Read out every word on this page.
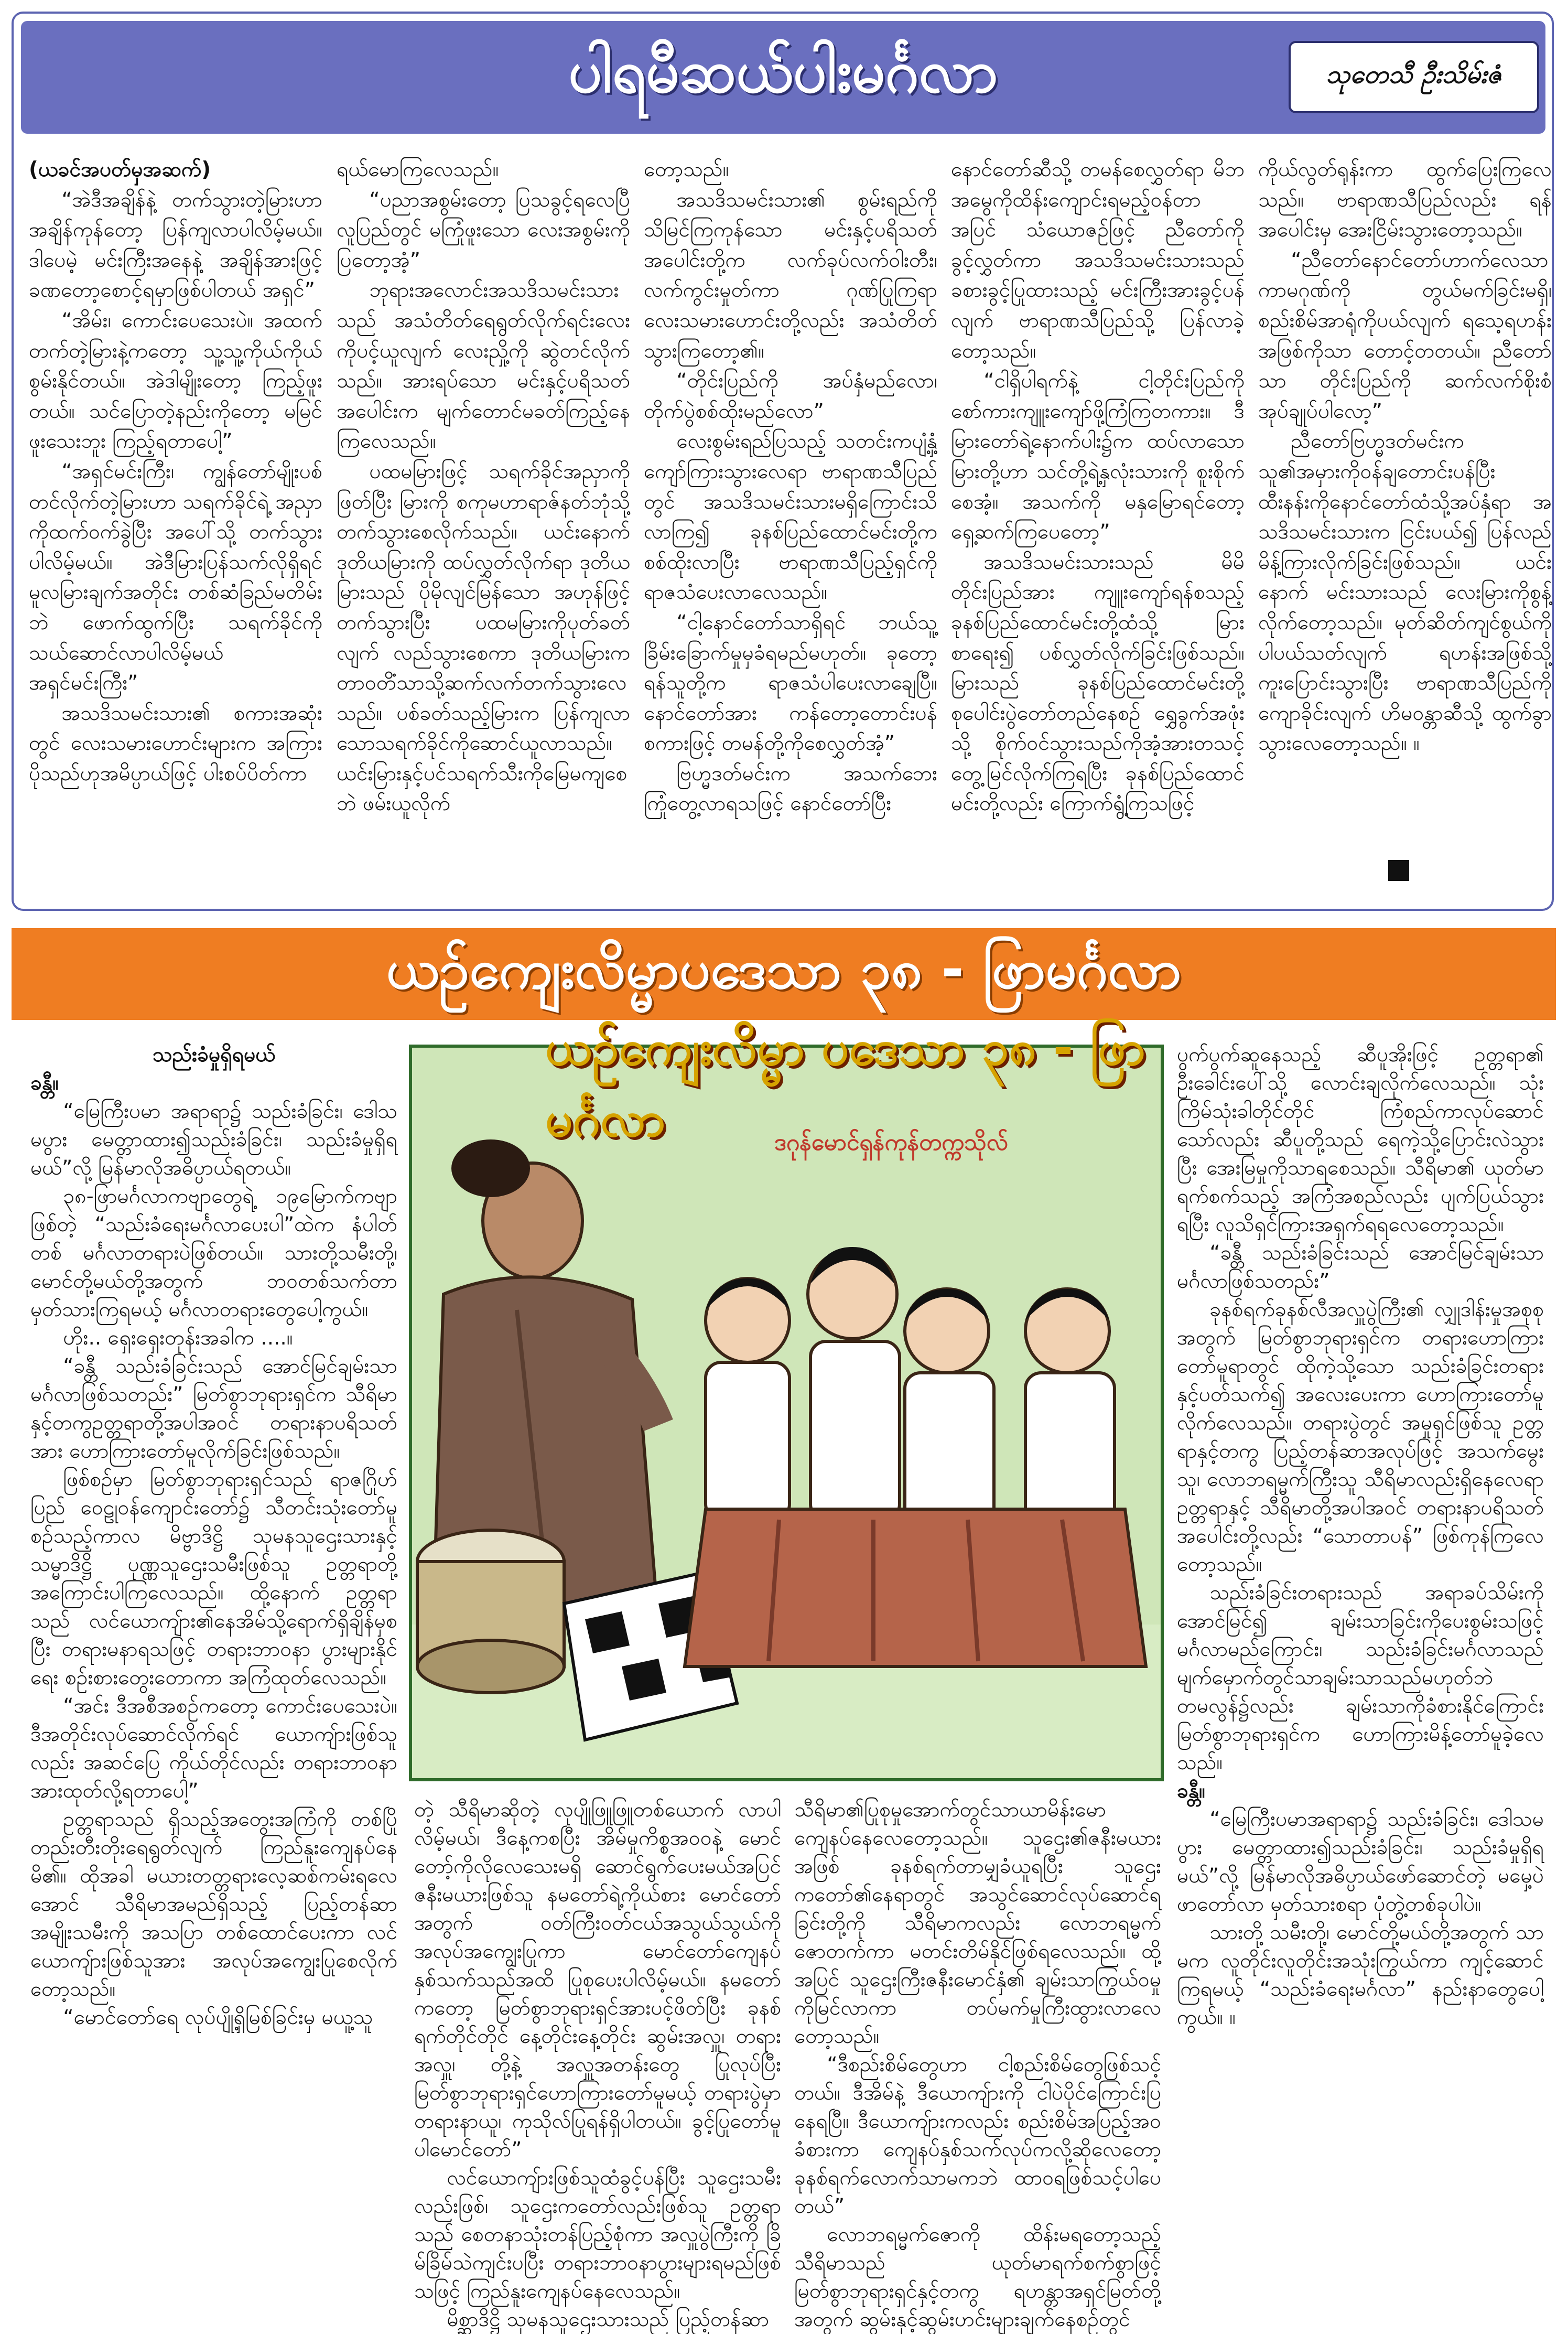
ပါရမီဆယ်ပါးမင်္ဂလာ	သုတေသီ ဦးသိမ်းဇံ

(ယခင်အပတ်မှအဆက်)

“အဲဒီအချိန်နဲ့ တက်သွားတဲ့မြားဟာ အချိန်ကုန်တော့ ပြန်ကျလာပါလိမ့်မယ်။ ဒါပေမဲ့ မင်းကြီးအနေနဲ့ အချိန်အားဖြင့် ခဏတော့စောင့်ရမှာဖြစ်ပါတယ် အရှင်”

“အိမ်း၊ ကောင်းပေသေးပဲ။ အထက်တက်တဲ့မြားနဲ့ကတော့ သူ့သူ့ကိုယ်ကိုယ် စွမ်းနိုင်တယ်။ အဲဒါမျိုးတော့ ကြည့်ဖူးတယ်။ သင်ပြောတဲ့နည်းကိုတော့ မမြင်ဖူးသေးဘူး ကြည့်ရတာပေါ့”

“အရှင်မင်းကြီး၊ ကျွန်တော်မျိုးပစ်တင်လိုက်တဲ့မြားဟာ သရက်ခိုင်ရဲ့ အညှာကိုထက်ဝက်ခွဲပြီး အပေါ်သို့ တက်သွားပါလိမ့်မယ်။ အဲဒီမြားပြန်သက်လိုရှိရင် မူလမြားချက်အတိုင်း တစ်ဆံခြည်မတိမ်းဘဲ ဖောက်ထွက်ပြီး သရက်ခိုင်ကို သယ်ဆောင်လာပါလိမ့်မယ် အရှင်မင်းကြီး”

အသဒိသမင်းသား၏ စကားအဆုံးတွင် လေးသမားဟောင်းများက အကြားပိုသည်ဟုအမိပ္ပာယ်ဖြင့် ပါးစပ်ပိတ်ကာ

ရယ်မောကြလေသည်။

“ပညာအစွမ်းတော့ ပြသခွင့်ရလေပြီ လူပြည်တွင် မကြုံဖူးသော လေးအစွမ်းကိုပြတော့အံ့”

ဘုရားအလောင်းအသဒိသမင်းသားသည် အသံတိတ်ရေရွတ်လိုက်ရင်းလေးကိုပင့်ယူလျက် လေးညှို့ကို ဆွဲတင်လိုက်သည်။ အားရပ်သော မင်းနှင့်ပရိသတ်အပေါင်းက မျက်တောင်မခတ်ကြည့်နေကြလေသည်။

ပထမမြားဖြင့် သရက်ခိုင်အညှာကိုဖြတ်ပြီး မြားကို စကုမဟာရာဇ်နတ်ဘုံသို့ တက်သွားစေလိုက်သည်။ ယင်းနောက်ဒုတိယမြားကို ထပ်လွှတ်လိုက်ရာ ဒုတိယမြားသည် ပိုမိုလျင်မြန်သော အဟုန်ဖြင့်တက်သွားပြီး ပထမမြားကိုပုတ်ခတ်လျက် လည်သွားစေကာ ဒုတိယမြားက တာဝတိံသာသို့ဆက်လက်တက်သွားလေသည်။ ပစ်ခတ်သည့်မြားက ပြန်ကျလာသောသရက်ခိုင်ကိုဆောင်ယူလာသည်။ ယင်းမြားနှင့်ပင်သရက်သီးကိုမြေမကျစေဘဲ ဖမ်းယူလိုက်

တော့သည်။

အသဒိသမင်းသား၏ စွမ်းရည်ကိုသိမြင်ကြကုန်သော မင်းနှင့်ပရိသတ်အပေါင်းတို့က လက်ခုပ်လက်ဝါးတီး၊ လက်ကွင်းမှုတ်ကာ ဂုဏ်ပြုကြရာ လေးသမားဟောင်းတို့လည်း အသံတိတ်သွားကြတော့၏။

“တိုင်းပြည်ကို အပ်နှံမည်လော၊ တိုက်ပွဲစစ်ထိုးမည်လော”

လေးစွမ်းရည်ပြသည့် သတင်းကပျံ့နှံ့ကျော်ကြားသွားလေရာ ဗာရာဏသီပြည်တွင် အသဒိသမင်းသားမရှိကြောင်းသိလာကြ၍ ခုနစ်ပြည်ထောင်မင်းတို့က စစ်ထိုးလာပြီး ဗာရာဏသီပြည့်ရှင်ကို ရာဇသံပေးလာလေသည်။

“ငါ့နောင်တော်သာရှိရင် ဘယ်သူ့ခြိမ်းခြောက်မှုမှခံရမည်မဟုတ်။ ခုတော့ ရန်သူတို့က ရာဇသံပါပေးလာချေပြီ။ နောင်တော်အား ကန်တော့တောင်းပန်စကားဖြင့် တမန်တို့ကိုစေလွှတ်အံ့”

ဗြဟ္မဒတ်မင်းက အသက်ဘေးကြုံတွေ့လာရသဖြင့် နောင်တော်ပြီး

နောင်တော်ဆီသို့ တမန်စေလွှတ်ရာ မိဘအမွေကိုထိန်းကျောင်းရမည့်ဝန်တာအပြင် သံယောဇဉ်ဖြင့် ညီတော်ကိုခွင့်လွှတ်ကာ အသဒိသမင်းသားသည် ခစားခွင့်ပြုထားသည့် မင်းကြီးအားခွင့်ပန်လျက် ဗာရာဏသီပြည်သို့ ပြန်လာခဲ့တော့သည်။

“ငါရှိပါရက်နဲ့ ငါ့တိုင်းပြည်ကို စော်ကားကျူးကျော်ဖို့ကြံကြတကား။ ဒီမြားတော်ရဲ့နောက်ပါး၌က ထပ်လာသောမြားတို့ဟာ သင်တို့ရဲ့နှလုံးသားကို စူးစိုက်စေအံ့။ အသက်ကို မနှမြောရင်တော့ ရှေ့ဆက်ကြပေတော့”

အသဒိသမင်းသားသည် မိမိတိုင်းပြည်အား ကျူးကျော်ရန်စသည့် ခုနစ်ပြည်ထောင်မင်းတို့ထံသို့ မြားစာရေး၍ ပစ်လွှတ်လိုက်ခြင်းဖြစ်သည်။ မြားသည် ခုနစ်ပြည်ထောင်မင်းတို့ စုပေါင်းပွဲတော်တည်နေစဉ် ရွှေခွက်အဖုံးသို့ စိုက်ဝင်သွားသည်ကိုအံ့အားတသင့်တွေ့မြင်လိုက်ကြရပြီး ခုနစ်ပြည်ထောင်မင်းတို့လည်း ကြောက်ရွံ့ကြသဖြင့်

ကိုယ်လွတ်ရုန်းကာ ထွက်ပြေးကြလေသည်။ ဗာရာဏသီပြည်လည်း ရန်အပေါင်းမှ အေးငြိမ်းသွားတော့သည်။

“ညီတော်နောင်တော်ဟာက်လေသာကာမဂုဏ်ကို တွယ်မက်ခြင်းမရှိ၊ စည်းစိမ်အာရုံကိုပယ်လျက် ရသေ့ရဟန်းအဖြစ်ကိုသာ တောင့်တတယ်။ ညီတော်သာ တိုင်းပြည်ကို ဆက်လက်စိုးစံအုပ်ချုပ်ပါလော့”

ညီတော်ဗြဟ္မဒတ်မင်းက သူ၏အမှားကိုဝန်ချတောင်းပန်ပြီး ထီးနန်းကိုနောင်တော်ထံသို့အပ်နှံရာ အသဒိသမင်းသားက ငြင်းပယ်၍ ပြန်လည်မိန့်ကြားလိုက်ခြင်းဖြစ်သည်။ ယင်းနောက် မင်းသားသည် လေးမြားကိုစွန့်လိုက်တော့သည်။ မုတ်ဆိတ်ကျင်စွယ်ကိုပါပယ်သတ်လျက် ရဟန်းအဖြစ်သို့ကူးပြောင်းသွားပြီး ဗာရာဏသီပြည်ကိုကျောခိုင်းလျက် ဟိမဝန္တာဆီသို့ ထွက်ခွာသွားလေတော့သည်။ ။

ယဉ်ကျေးလိမ္မာပဒေသာ ၃၈ - ဖြာမင်္ဂလာ
ယဉ်ကျေးလိမ္မာ ပဒေသာ ၃၈ - ဖြာ မင်္ဂလာ	ဒဂုန်မောင်ရှန်ကုန်တက္ကသိုလ်

သည်းခံမှုရှိရမယ်

ခန္တီ။

“မြေကြီးပမာ အရာရာ၌ သည်းခံခြင်း၊ ဒေါသမပွား မေတ္တာထား၍သည်းခံခြင်း၊ သည်းခံမှုရှိရမယ်”လို့ မြန်မာလိုအဓိပ္ပာယ်ရတယ်။

၃၈-ဖြာမင်္ဂလာကဗျာတွေရဲ့ ၁၉မြောက်ကဗျာဖြစ်တဲ့ “သည်းခံရေးမင်္ဂလာပေးပါ”ထဲက နံပါတ်တစ် မင်္ဂလာတရားပဲဖြစ်တယ်။ သားတို့သမီးတို့၊ မောင်တို့မယ်တို့အတွက် ဘဝတစ်သက်တာ မှတ်သားကြရမယ့် မင်္ဂလာတရားတွေပေါ့ကွယ်။

ဟိုး.. ရှေးရှေးတုန်းအခါက ....။

“ခန္တီ သည်းခံခြင်းသည် အောင်မြင်ချမ်းသာမင်္ဂလာဖြစ်သတည်း” မြတ်စွာဘုရားရှင်က သီရိမာနှင့်တကွဥတ္တရာတို့အပါအဝင် တရားနာပရိသတ်အား ဟောကြားတော်မူလိုက်ခြင်းဖြစ်သည်။

ဖြစ်စဉ်မှာ မြတ်စွာဘုရားရှင်သည် ရာဇဂြိုဟ်ပြည် ဝေဠုဝန်ကျောင်းတော်၌ သီတင်းသုံးတော်မူစဉ်သည့်ကာလ မိဗ္ဗာဒိဋ္ဌိ သုမနသူဌေးသားနှင့် သမ္မာဒိဋ္ဌိ ပုဏ္ဏသူဌေးသမီးဖြစ်သူ ဥတ္တရာတို့ အကြောင်းပါကြလေသည်။ ထို့နောက် ဥတ္တရာသည် လင်ယောကျ်ား၏နေအိမ်သို့ရောက်ရှိချိန်မှစပြီး တရားမနာရသဖြင့် တရားဘာဝနာ ပွားများနိုင်ရေး စဉ်းစားတွေးတောကာ အကြံထုတ်လေသည်။

“အင်း ဒီအစီအစဉ်ကတော့ ကောင်းပေသေးပဲ။ ဒီအတိုင်းလုပ်ဆောင်လိုက်ရင် ယောကျ်ားဖြစ်သူလည်း အဆင်ပြေ ကိုယ်တိုင်လည်း တရားဘာဝနာ အားထုတ်လို့ရတာပေါ့”

ဥတ္တရာသည် ရှိသည့်အတွေးအကြံကို တစ်ပြိုတည်းတီးတိုးရေရွတ်လျက် ကြည်နူးကျေနပ်နေမိ၏။ ထိုအခါ မယားတတ္တရားလေ့ဆစ်ကမ်းရလေအောင် သီရိမာအမည်ရှိသည့် ပြည့်တန်ဆာအမျိုးသမီးကို အသပြာ တစ်ထောင်ပေးကာ လင်ယောကျ်ားဖြစ်သူအား အလုပ်အကျွေးပြုစေလိုက်တော့သည်။

“မောင်တော်ရေ လုပ်ပျို့ရှိမြစ်ခြင်းမှ မယူ့သူ

တဲ့ သီရိမာဆိုတဲ့ လုပျိုဖြူဖြူတစ်ယောက် လာပါလိမ့်မယ်၊ ဒီနေ့ကစပြီး အိမ်မှုကိစ္စအဝဝနဲ့ မောင်တော့်ကိုလိုလေသေးမရှိ ဆောင်ရွက်ပေးမယ်အပြင် ဇနီးမယားဖြစ်သူ နမတော်ရဲ့ကိုယ်စား မောင်တော်အတွက် ဝတ်ကြီးဝတ်ငယ်အသွယ်သွယ်ကို အလုပ်အကျွေးပြုကာ မောင်တော်ကျေနပ်နှစ်သက်သည်အထိ ပြုစုပေးပါလိမ့်မယ်။ နမတော်ကတော့ မြတ်စွာဘုရားရှင်အားပင့်ဖိတ်ပြီး ခုနစ်ရက်တိုင်တိုင် နေ့တိုင်းနေ့တိုင်း ဆွမ်းအလှူ၊ တရားအလှူ၊ တို့နဲ့ အလှူအတန်းတွေ ပြုလုပ်ပြီး မြတ်စွာဘုရားရှင်ဟောကြားတော်မူမယ့် တရားပွဲမှာ တရားနာယူ၊ ကုသိုလ်ပြုရန်ရှိပါတယ်။ ခွင့်ပြုတော်မူပါမောင်တော်”

လင်ယောကျ်ားဖြစ်သူထံခွင့်ပန်ပြီး သူဌေးသမီးလည်းဖြစ်၊ သူဌေးကတော်လည်းဖြစ်သူ ဥတ္တရာသည် စေတနာသုံးတန်ပြည့်စုံကာ အလှူပွဲကြီးကို ခြိမ်ခြိမ်သဲကျင်းပပြီး တရားဘာဝနာပွားများရမည်ဖြစ်သဖြင့် ကြည်နူးကျေနပ်နေလေသည်။

မိစ္ဆာဒိဋ္ဌိ သုမနသူဌေးသားသည် ပြည့်တန်ဆာ

သီရိမာ၏ပြုစုမှုအောက်တွင်သာယာမိန်းမောကျေနပ်နေလေတော့သည်။ သူဌေး၏ဇနီးမယားအဖြစ် ခုနစ်ရက်တာမျှခံယူရပြီး သူဌေးကတော်၏နေရာတွင် အသွင်ဆောင်လုပ်ဆောင်ရခြင်းတို့ကို သီရိမာကလည်း လောဘရမ္မက်ဇောတက်ကာ မတင်းတိမ်နိုင်ဖြစ်ရလေသည်။ ထို့အပြင် သူဌေးကြီးဇနီးမောင်နှံ၏ ချမ်းသာကြွယ်ဝမှုကိုမြင်လာကာ တပ်မက်မှုကြီးထွားလာလေတော့သည်။

“ဒီစည်းစိမ်တွေဟာ ငါ့စည်းစိမ်တွေဖြစ်သင့်တယ်။ ဒီအိမ်နဲ့ ဒီယောကျ်ားကို ငါပဲပိုင်ကြောင်းပြနေရပြီ။ ဒီယောကျ်ားကလည်း စည်းစိမ်အပြည့်အဝ ခံစားကာ ကျေနပ်နှစ်သက်လုပ်ကလို့ဆိုလေတော့ ခုနစ်ရက်လောက်သာမကဘဲ ထာဝရဖြစ်သင့်ပါပေတယ်”

လောဘရမ္မက်ဇောကို ထိန်းမရတော့သည့် သီရိမာသည် ယုတ်မာရက်စက်စွာဖြင့် မြတ်စွာဘုရားရှင်နှင့်တကွ ရဟန္တာအရှင်မြတ်တို့အတွက် ဆွမ်းနှင့်ဆွမ်းဟင်းများချက်နေစဉ်တွင်

ပွက်ပွက်ဆူနေသည့် ဆီပူအိုးဖြင့် ဥတ္တရာ၏ ဦးခေါင်းပေါ်သို့ လောင်းချလိုက်လေသည်။ သုံးကြိမ်သုံးခါတိုင်တိုင် ကြံစည်ကာလုပ်ဆောင်သော်လည်း ဆီပူတို့သည် ရေကဲ့သို့ပြောင်းလဲသွားပြီး အေးမြမှုကိုသာရစေသည်။ သီရိမာ၏ ယုတ်မာရက်စက်သည့် အကြံအစည်လည်း ပျက်ပြယ်သွားရပြီး လူသိရှင်ကြားအရှက်ရရလေတော့သည်။

“ခန္တီ သည်းခံခြင်းသည် အောင်မြင်ချမ်းသာမင်္ဂလာဖြစ်သတည်း”

ခုနစ်ရက်ခုနစ်လီအလှူပွဲကြီး၏ လျှုဒါန်းမှုအစုစုအတွက် မြတ်စွာဘုရားရှင်က တရားဟောကြားတော်မူရာတွင် ထိုကဲ့သို့သော သည်းခံခြင်းတရားနှင့်ပတ်သက်၍ အလေးပေးကာ ဟောကြားတော်မူလိုက်လေသည်။ တရားပွဲတွင် အမှုရှင်ဖြစ်သူ ဥတ္တရာနှင့်တကွ ပြည့်တန်ဆာအလုပ်ဖြင့် အသက်မွေးသူ၊ လောဘရမ္မက်ကြီးသူ သီရိမာလည်းရှိနေလေရာ ဥတ္တရာနှင့် သီရိမာတို့အပါအဝင် တရားနာပရိသတ်အပေါင်းတို့လည်း “သောတာပန်” ဖြစ်ကုန်ကြလေတော့သည်။

သည်းခံခြင်းတရားသည် အရာခပ်သိမ်းကိုအောင်မြင်၍ ချမ်းသာခြင်းကိုပေးစွမ်းသဖြင့် မင်္ဂလာမည်ကြောင်း၊ သည်းခံခြင်းမင်္ဂလာသည် မျက်မှောက်တွင်သာချမ်းသာသည်မဟုတ်ဘဲ တမလွန်၌လည်း ချမ်းသာကိုခံစားနိုင်ကြောင်း မြတ်စွာဘုရားရှင်က ဟောကြားမိန့်တော်မူခဲ့လေသည်။

ခန္တီ။

“မြေကြီးပမာအရာရာ၌ သည်းခံခြင်း၊ ဒေါသမပွား မေတ္တာထား၍သည်းခံခြင်း၊ သည်းခံမှုရှိရမယ်”လို့ မြန်မာလိုအဓိပ္ပာယ်ဖော်ဆောင်တဲ့ မမှေ့ပဲဖာတော်လာ မှတ်သားစရာ ပုံတွဲ့တစ်ခုပါပဲ။

သားတို့ သမီးတို့၊ မောင်တို့မယ်တို့အတွက် သာမက လူတိုင်းလူတိုင်းအသုံးကြွယ်ကာ ကျင့်ဆောင်ကြရမယ့် “သည်းခံရေးမင်္ဂလာ” နည်းနာတွေပေါ့ကွယ်။ ။
